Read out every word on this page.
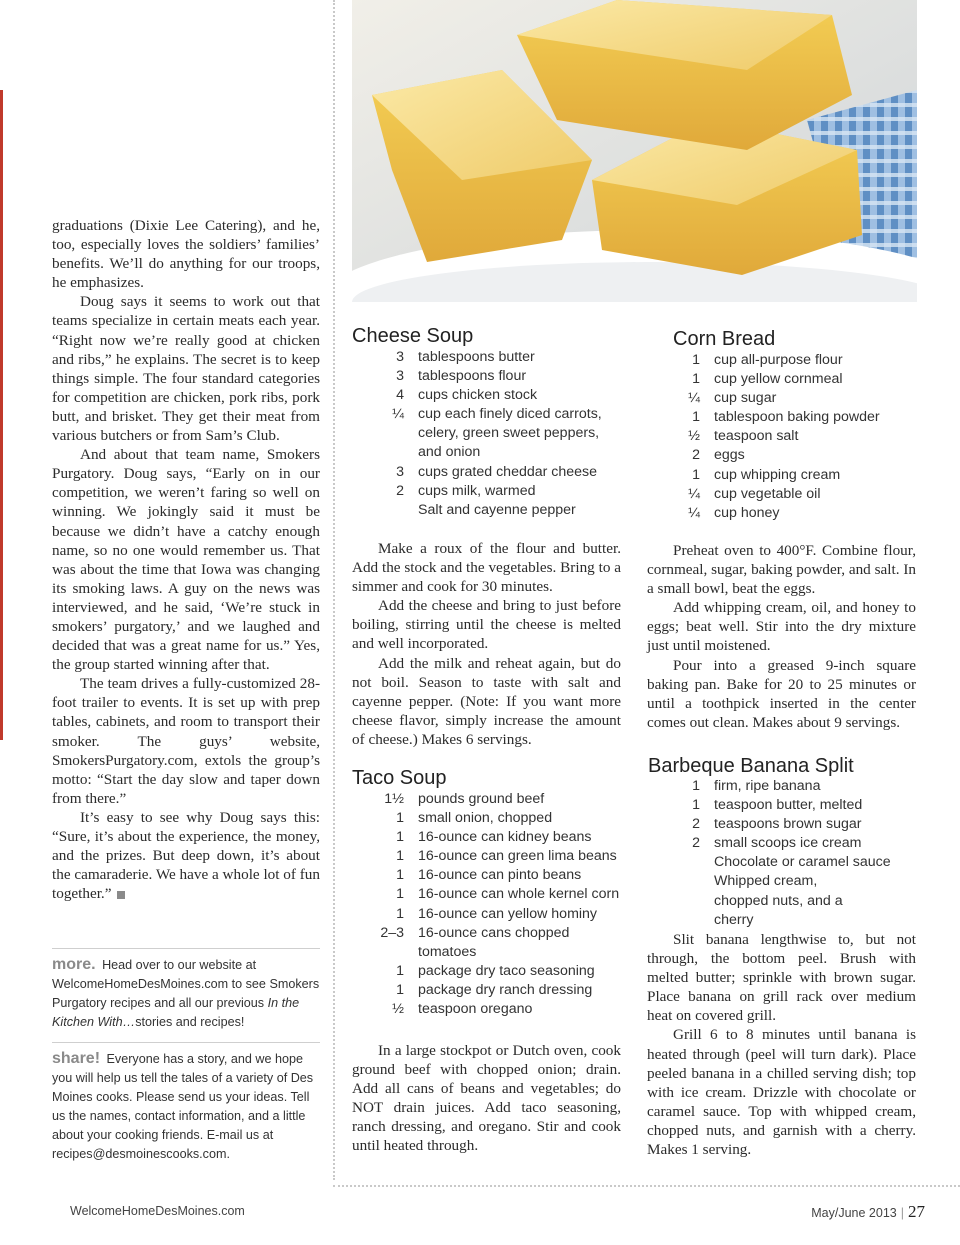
graduations (Dixie Lee Catering), and he, too, especially loves the soldiers’ families’ benefits. We’ll do anything for our troops, he emphasizes.

Doug says it seems to work out that teams specialize in certain meats each year. “Right now we’re really good at chicken and ribs,” he explains. The secret is to keep things simple. The four standard categories for competition are chicken, pork ribs, pork butt, and brisket. They get their meat from various butchers or from Sam’s Club.

And about that team name, Smokers Purgatory. Doug says, “Early on in our competition, we weren’t faring so well on winning. We jokingly said it must be because we didn’t have a catchy enough name, so no one would remember us. That was about the time that Iowa was changing its smoking laws. A guy on the news was interviewed, and he said, ‘We’re stuck in smokers’ purgatory,’ and we laughed and decided that was a great name for us.” Yes, the group started winning after that.

The team drives a fully-customized 28-foot trailer to events. It is set up with prep tables, cabinets, and room to transport their smoker. The guys’ website, SmokersPurgatory.com, extols the group’s motto: “Start the day slow and taper down from there.”

It’s easy to see why Doug says this: “Sure, it’s about the experience, the money, and the prizes. But deep down, it’s about the camaraderie. We have a whole lot of fun together.”

more. Head over to our website at WelcomeHomeDesMoines.com to see Smokers Purgatory recipes and all our previous In the Kitchen With…stories and recipes!
share! Everyone has a story, and we hope you will help us tell the tales of a variety of Des Moines cooks. Please send us your ideas. Tell us the names, contact information, and a little about your cooking friends. E-mail us at recipes@desmoinescooks.com.
Cheese Soup
3 tablespoons butter
3 tablespoons flour
4 cups chicken stock
¼ cup each finely diced carrots, celery, green sweet peppers, and onion
3 cups grated cheddar cheese
2 cups milk, warmed
Salt and cayenne pepper

Make a roux of the flour and butter. Add the stock and the vegetables. Bring to a simmer and cook for 30 minutes.

Add the cheese and bring to just before boiling, stirring until the cheese is melted and well incorporated.

Add the milk and reheat again, but do not boil. Season to taste with salt and cayenne pepper. (Note: If you want more cheese flavor, simply increase the amount of cheese.) Makes 6 servings.

Taco Soup
1½ pounds ground beef
1 small onion, chopped
1 16-ounce can kidney beans
1 16-ounce can green lima beans
1 16-ounce can pinto beans
1 16-ounce can whole kernel corn
1 16-ounce can yellow hominy
2–3 16-ounce cans chopped tomatoes
1 package dry taco seasoning
1 package dry ranch dressing
½ teaspoon oregano

In a large stockpot or Dutch oven, cook ground beef with chopped onion; drain. Add all cans of beans and vegetables; do NOT drain juices. Add taco seasoning, ranch dressing, and oregano. Stir and cook until heated through.

Corn Bread
1 cup all-purpose flour
1 cup yellow cornmeal
¼ cup sugar
1 tablespoon baking powder
½ teaspoon salt
2 eggs
1 cup whipping cream
¼ cup vegetable oil
¼ cup honey

Preheat oven to 400°F. Combine flour, cornmeal, sugar, baking powder, and salt. In a small bowl, beat the eggs.

Add whipping cream, oil, and honey to eggs; beat well. Stir into the dry mixture just until moistened.

Pour into a greased 9-inch square baking pan. Bake for 20 to 25 minutes or until a toothpick inserted in the center comes out clean. Makes about 9 servings.

Barbeque Banana Split
1 firm, ripe banana
1 teaspoon butter, melted
2 teaspoons brown sugar
2 small scoops ice cream
Chocolate or caramel sauce
Whipped cream, chopped nuts, and a cherry

Slit banana lengthwise to, but not through, the bottom peel. Brush with melted butter; sprinkle with brown sugar. Place banana on grill rack over medium heat on covered grill.

Grill 6 to 8 minutes until banana is heated through (peel will turn dark). Place peeled banana in a chilled serving dish; top with ice cream. Drizzle with chocolate or caramel sauce. Top with whipped cream, chopped nuts, and garnish with a cherry. Makes 1 serving.

WelcomeHomeDesMoines.com	May/June 2013 | 27
